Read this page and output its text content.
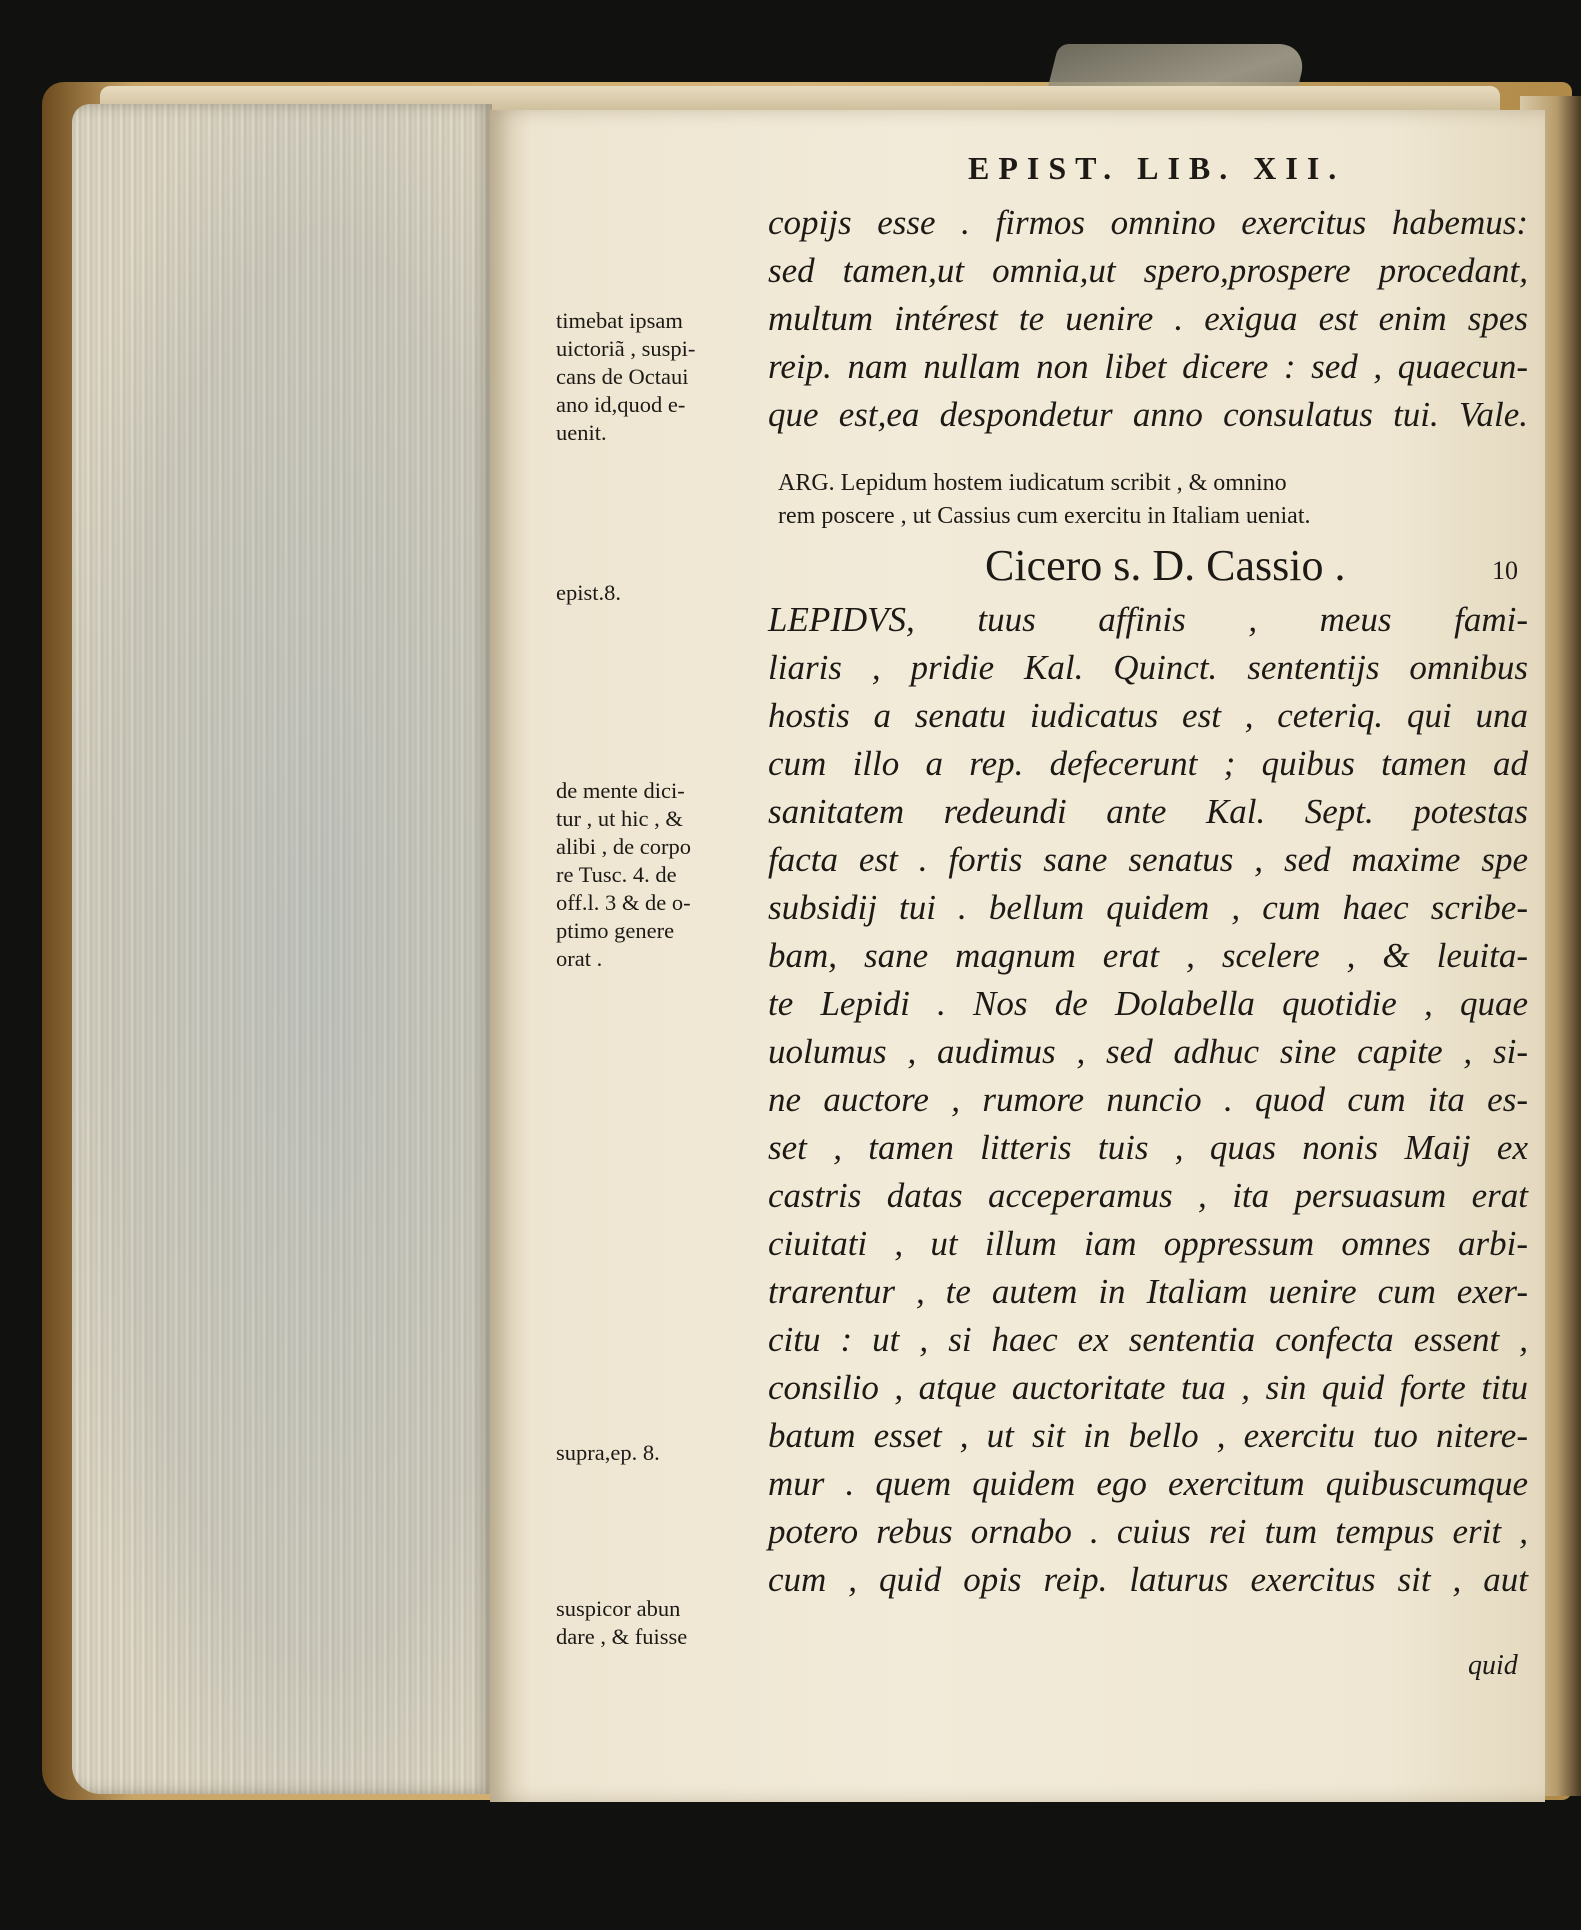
EPIST. LIB. XII.
copijs esse . firmos omnino exercitus habemus:
sed tamen,ut omnia,ut spero,prospere procedant,
multum intérest te uenire . exigua est enim spes
reip. nam nullam non libet dicere : sed , quaecun-
que est,ea despondetur anno consulatus tui. Vale.
ARG. Lepidum hostem iudicatum scribit , & omnino
rem poscere , ut Cassius cum exercitu in Italiam ueniat.
Cicero s. D. Cassio .	10
LEPIDVS, tuus affinis , meus fami-
liaris , pridie Kal. Quinct. sententijs omnibus
hostis a senatu iudicatus est , ceteriq. qui una
cum illo a rep. defecerunt ; quibus tamen ad
sanitatem redeundi ante Kal. Sept. potestas
facta est . fortis sane senatus , sed maxime spe
subsidij tui . bellum quidem , cum haec scribe-
bam, sane magnum erat , scelere , & leuita-
te Lepidi . Nos de Dolabella quotidie , quae
uolumus , audimus , sed adhuc sine capite , si-
ne auctore , rumore nuncio . quod cum ita es-
set , tamen litteris tuis , quas nonis Maij ex
castris datas acceperamus , ita persuasum erat
ciuitati , ut illum iam oppressum omnes arbi-
trarentur , te autem in Italiam uenire cum exer-
citu : ut , si haec ex sententia confecta essent ,
consilio , atque auctoritate tua , sin quid forte titu
batum esset , ut sit in bello , exercitu tuo nitere-
mur . quem quidem ego exercitum quibuscumque
potero rebus ornabo . cuius rei tum tempus erit ,
cum , quid opis reip. laturus exercitus sit , aut
quid
timebat ipsam
uictoriã , suspi-
cans de Octaui
ano id,quod e-
uenit.
epist.8.
de mente dici-
tur , ut hic , &
alibi , de corpo
re Tusc. 4. de
off.l. 3 & de o-
ptimo genere
orat .
supra,ep. 8.
suspicor abun
dare , & fuisse
